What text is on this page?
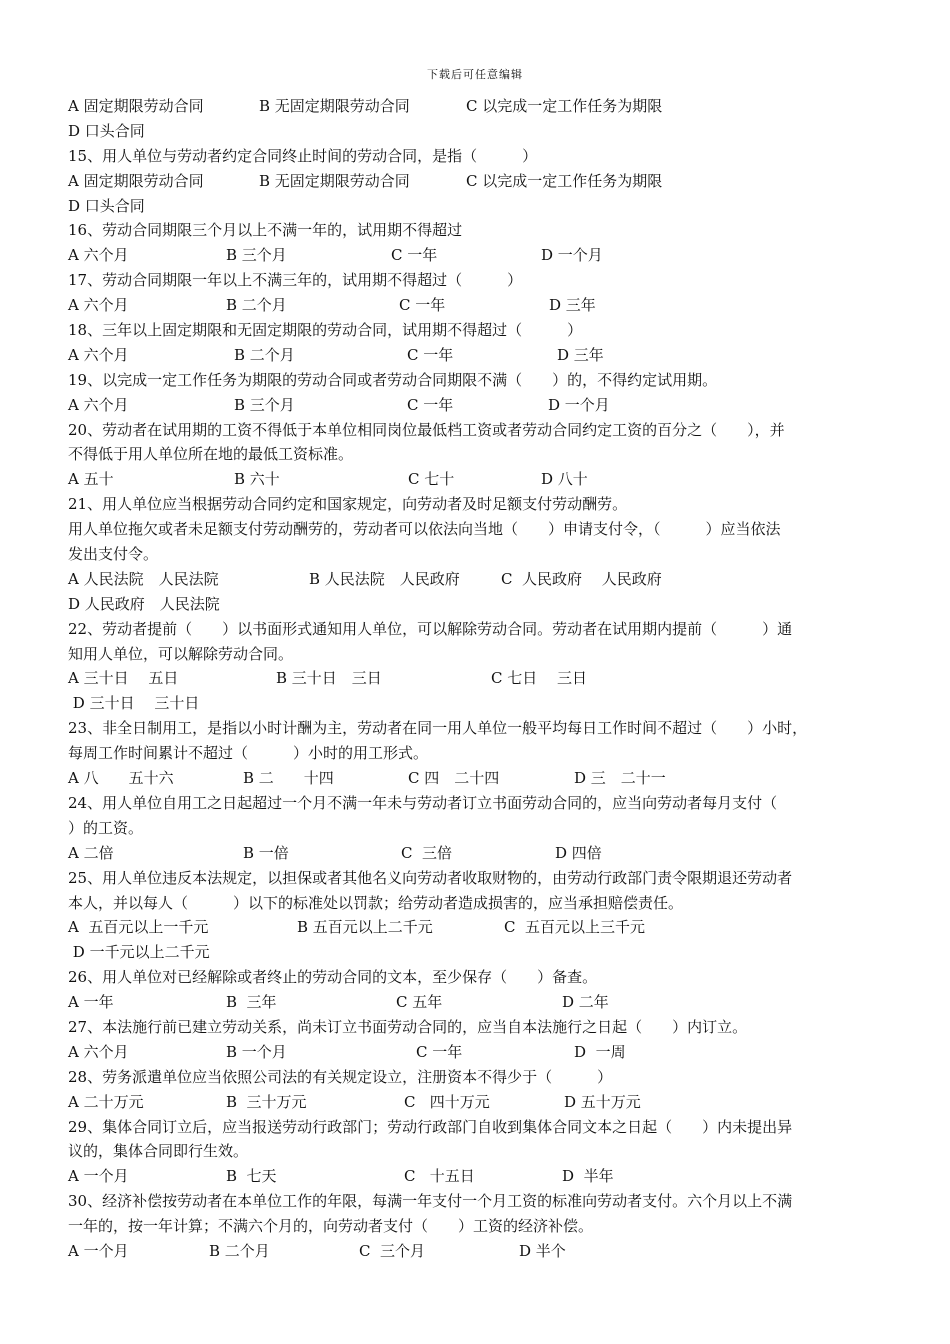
下载后可任意编辑
A 固定期限劳动合同	B 无固定期限劳动合同	C 以完成一定工作任务为期限
D 口头合同
15、用人单位与劳动者约定合同终止时间的劳动合同，是指（　　　）
A 固定期限劳动合同	B 无固定期限劳动合同	C 以完成一定工作任务为期限
D 口头合同
16、劳动合同期限三个月以上不满一年的，试用期不得超过
A 六个月	B 三个月	C 一年	D 一个月
17、劳动合同期限一年以上不满三年的，试用期不得超过（　　　）
A 六个月	B 二个月	C 一年	D 三年
18、三年以上固定期限和无固定期限的劳动合同，试用期不得超过（　　　）
A 六个月	B 二个月	C 一年	D 三年
19、以完成一定工作任务为期限的劳动合同或者劳动合同期限不满（　　）的，不得约定试用期。
A 六个月	B 三个月	C 一年	D 一个月
20、劳动者在试用期的工资不得低于本单位相同岗位最低档工资或者劳动合同约定工资的百分之（　　），并
不得低于用人单位所在地的最低工资标准。
A 五十	B 六十	C 七十	D 八十
21、用人单位应当根据劳动合同约定和国家规定，向劳动者及时足额支付劳动酬劳。
用人单位拖欠或者未足额支付劳动酬劳的，劳动者可以依法向当地（　　）申请支付令，（　　　）应当依法
发出支付令。
A 人民法院　人民法院	B 人民法院　人民政府	C  人民政府　 人民政府
D 人民政府　人民法院
22、劳动者提前（　　）以书面形式通知用人单位，可以解除劳动合同。劳动者在试用期内提前（　　　）通
知用人单位，可以解除劳动合同。
A 三十日　 五日	B 三十日　三日	C 七日　 三日
D 三十日　 三十日
23、非全日制用工，是指以小时计酬为主，劳动者在同一用人单位一般平均每日工作时间不超过（　　）小时，
每周工作时间累计不超过（　　　）小时的用工形式。
A 八　　五十六	B 二　　十四	C 四　二十四	D 三　二十一
24、用人单位自用工之日起超过一个月不满一年未与劳动者订立书面劳动合同的，应当向劳动者每月支付（
）的工资。
A 二倍	B 一倍	C  三倍	D 四倍
25、用人单位违反本法规定，以担保或者其他名义向劳动者收取财物的，由劳动行政部门责令限期退还劳动者
本人，并以每人（　　　）以下的标准处以罚款；给劳动者造成损害的，应当承担赔偿责任。
A  五百元以上一千元	B 五百元以上二千元	C  五百元以上三千元
D 一千元以上二千元
26、用人单位对已经解除或者终止的劳动合同的文本，至少保存（　　）备查。
A 一年	B  三年	C 五年	D 二年
27、本法施行前已建立劳动关系，尚未订立书面劳动合同的，应当自本法施行之日起（　　）内订立。
A 六个月	B 一个月	C 一年	D  一周
28、劳务派遣单位应当依照公司法的有关规定设立，注册资本不得少于（　　　）
A 二十万元	B  三十万元	C   四十万元	D 五十万元
29、集体合同订立后，应当报送劳动行政部门；劳动行政部门自收到集体合同文本之日起（　　）内未提出异
议的，集体合同即行生效。
A 一个月	B  七天	C   十五日	D  半年
30、经济补偿按劳动者在本单位工作的年限，每满一年支付一个月工资的标准向劳动者支付。六个月以上不满
一年的，按一年计算；不满六个月的，向劳动者支付（　　）工资的经济补偿。
A 一个月	B 二个月	C  三个月	D 半个
